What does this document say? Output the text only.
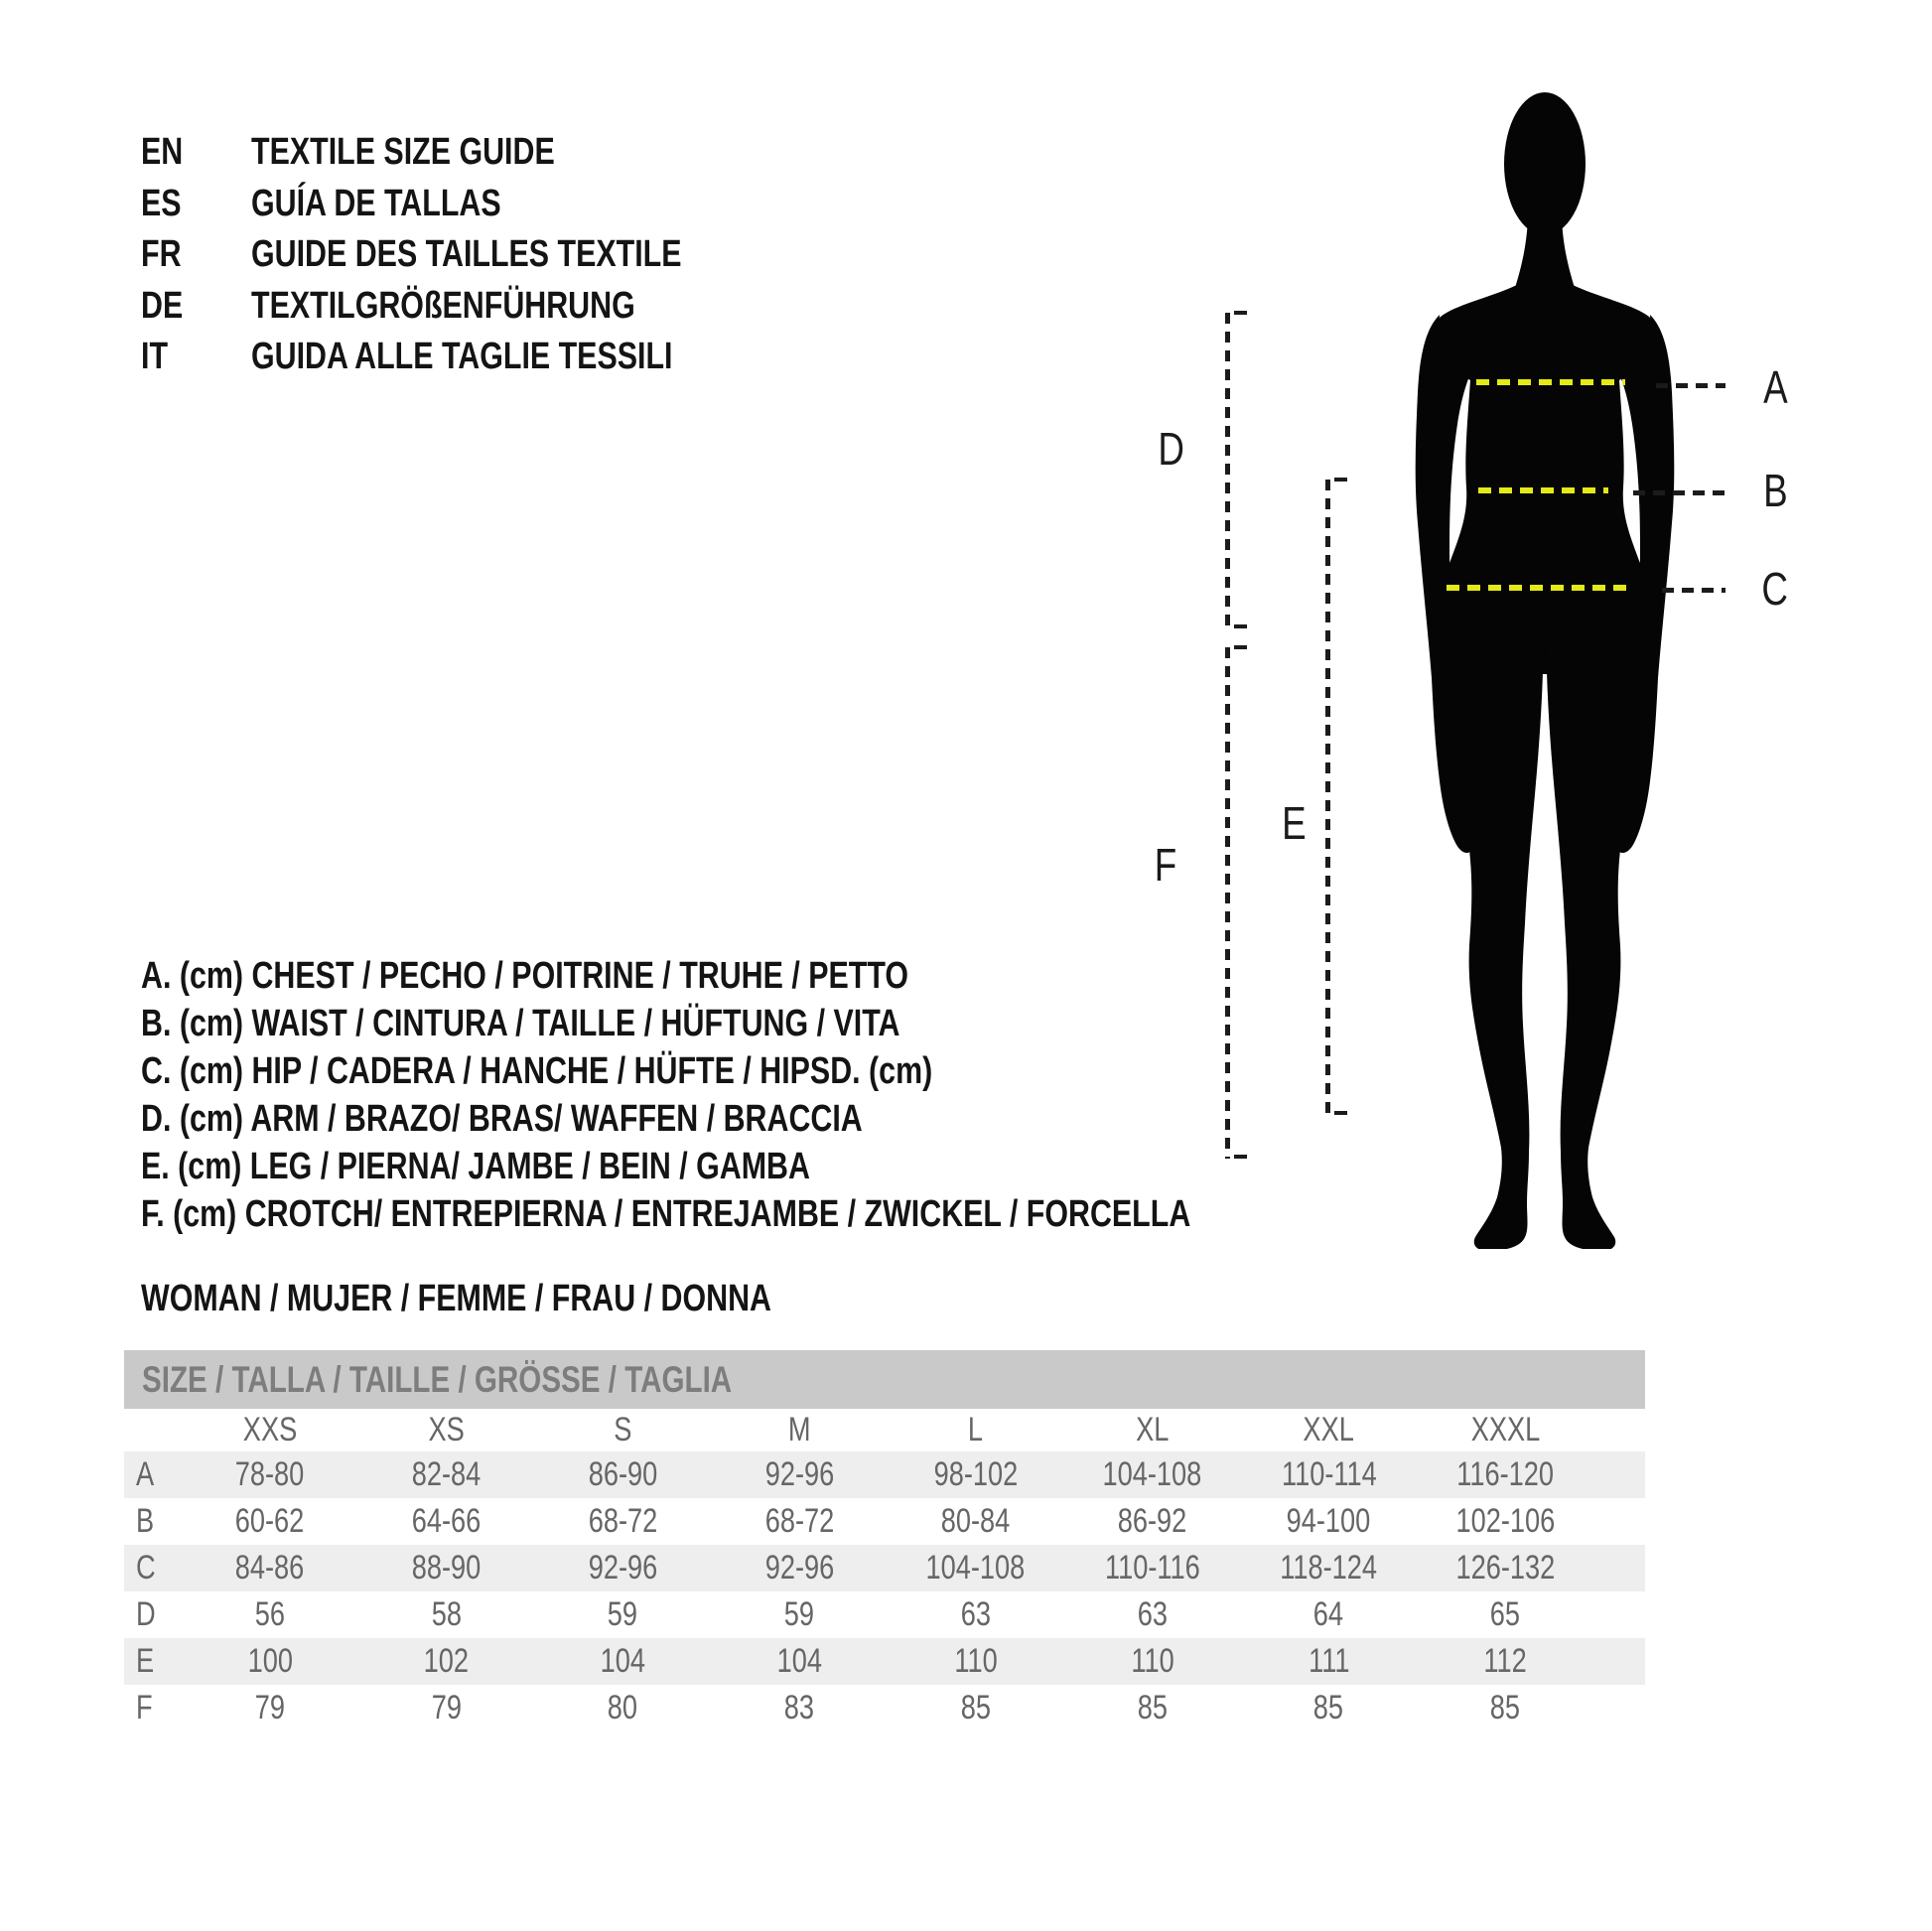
EN	TEXTILE SIZE GUIDE
ES	GUÍA DE TALLAS
FR	GUIDE DES TAILLES TEXTILE
DE	TEXTILGRÖßENFÜHRUNG
IT	GUIDA ALLE TAGLIE TESSILI
A
B
C
D
E
F
A. (cm) CHEST / PECHO / POITRINE / TRUHE / PETTO
B. (cm) WAIST / CINTURA / TAILLE / HÜFTUNG / VITA
C. (cm) HIP / CADERA / HANCHE / HÜFTE / HIPSD. (cm)
D. (cm) ARM / BRAZO/ BRAS/ WAFFEN / BRACCIA
E. (cm) LEG / PIERNA/ JAMBE / BEIN / GAMBA
F. (cm) CROTCH/ ENTREPIERNA / ENTREJAMBE / ZWICKEL / FORCELLA
WOMAN / MUJER / FEMME / FRAU / DONNA
SIZE / TALLA / TAILLE / GRÖSSE / TAGLIA
XXS	XS	S	M	L	XL	XXL	XXXL
A	78-80	82-84	86-90	92-96	98-102	104-108	110-114	116-120
B	60-62	64-66	68-72	68-72	80-84	86-92	94-100	102-106
C	84-86	88-90	92-96	92-96	104-108	110-116	118-124	126-132
D	56	58	59	59	63	63	64	65
E	100	102	104	104	110	110	111	112
F	79	79	80	83	85	85	85	85
